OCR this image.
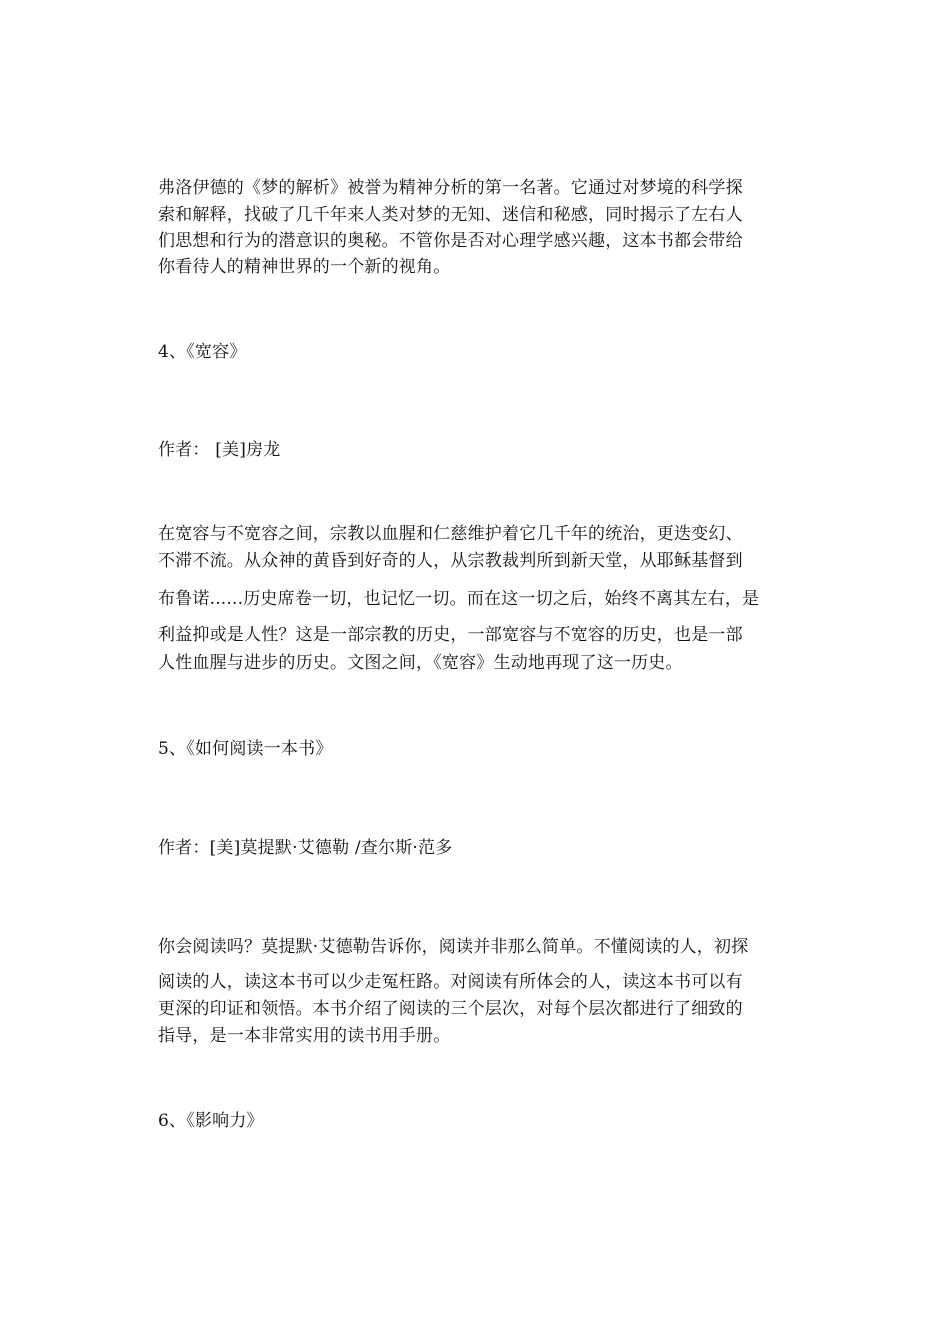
弗洛伊德的《梦的解析》被誉为精神分析的第一名著。它通过对梦境的科学探
索和解释，找破了几千年来人类对梦的无知、迷信和秘感，同时揭示了左右人
们思想和行为的潜意识的奥秘。不管你是否对心理学感兴趣，这本书都会带给
你看待人的精神世界的一个新的视角。
4、《宽容》
作者： [美]房龙
在宽容与不宽容之间，宗教以血腥和仁慈维护着它几千年的统治，更迭变幻、
不滞不流。从众神的黄昏到好奇的人，从宗教裁判所到新天堂，从耶稣基督到
布鲁诺......历史席卷一切，也记忆一切。而在这一切之后，始终不离其左右，是
利益抑或是人性？这是一部宗教的历史，一部宽容与不宽容的历史，也是一部
人性血腥与进步的历史。文图之间，《宽容》生动地再现了这一历史。
5、《如何阅读一本书》
作者：[美]莫提默·艾德勒 /查尔斯·范多
你会阅读吗？莫提默·艾德勒告诉你，阅读并非那么简单。不懂阅读的人，初探
阅读的人，读这本书可以少走冤枉路。对阅读有所体会的人，读这本书可以有
更深的印证和领悟。本书介绍了阅读的三个层次，对每个层次都进行了细致的
指导，是一本非常实用的读书用手册。
6、《影响力》
